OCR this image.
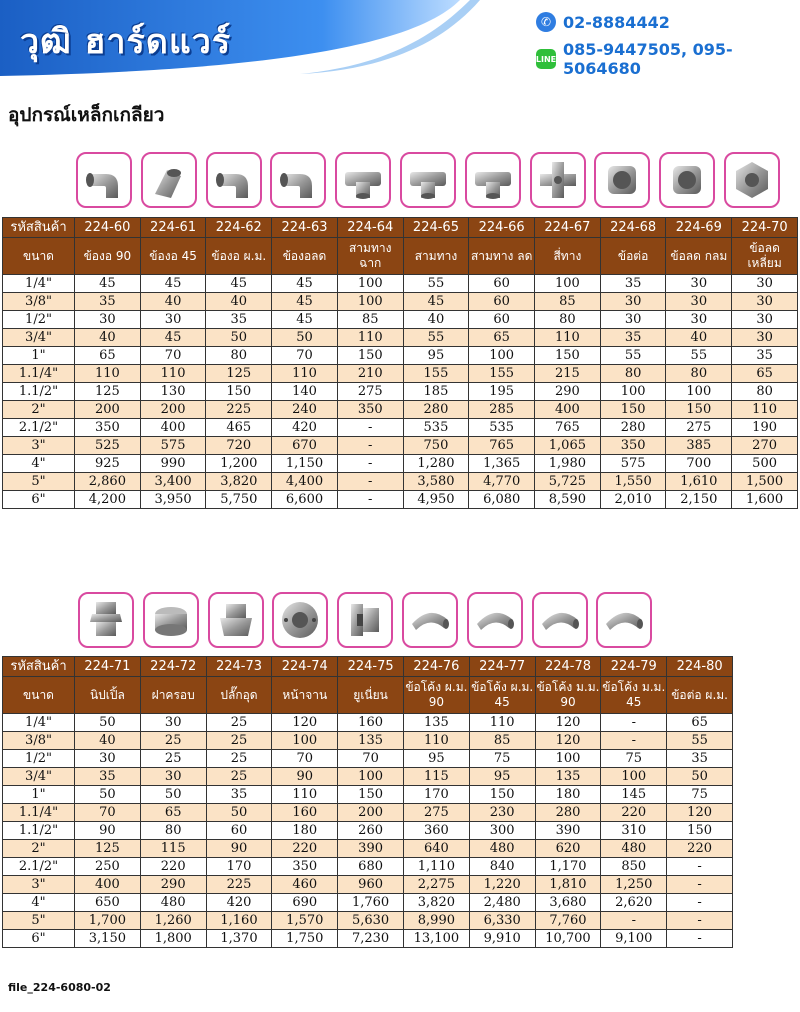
วุฒิ ฮาร์ดแวร์	✆ 02-8884442
LINE 085-9447505, 095-5064680
อุปกรณ์เหล็กเกลียว
รหัสสินค้า	224-60	224-61	224-62	224-63	224-64	224-65	224-66	224-67	224-68	224-69	224-70
ขนาด	ข้องอ 90	ข้องอ 45	ข้องอ ผ.ม.	ข้องอลด	สามทาง ฉาก	สามทาง	สามทาง ลด	สี่ทาง	ข้อต่อ	ข้อลด กลม	ข้อลด เหลี่ยม
1/4"	45	45	45	45	100	55	60	100	35	30	30
3/8"	35	40	40	45	100	45	60	85	30	30	30
1/2"	30	30	35	45	85	40	60	80	30	30	30
3/4"	40	45	50	50	110	55	65	110	35	40	30
1"	65	70	80	70	150	95	100	150	55	55	35
1.1/4"	110	110	125	110	210	155	155	215	80	80	65
1.1/2"	125	130	150	140	275	185	195	290	100	100	80
2"	200	200	225	240	350	280	285	400	150	150	110
2.1/2"	350	400	465	420	-	535	535	765	280	275	190
3"	525	575	720	670	-	750	765	1,065	350	385	270
4"	925	990	1,200	1,150	-	1,280	1,365	1,980	575	700	500
5"	2,860	3,400	3,820	4,400	-	3,580	4,770	5,725	1,550	1,610	1,500
6"	4,200	3,950	5,750	6,600	-	4,950	6,080	8,590	2,010	2,150	1,600
รหัสสินค้า	224-71	224-72	224-73	224-74	224-75	224-76	224-77	224-78	224-79	224-80
ขนาด	นิปเปิ้ล	ฝาครอบ	ปลั๊กอุด	หน้าจาน	ยูเนี่ยน	ข้อโค้ง ผ.ม. 90	ข้อโค้ง ผ.ม. 45	ข้อโค้ง ม.ม. 90	ข้อโค้ง ม.ม. 45	ข้อต่อ ผ.ม.
1/4"	50	30	25	120	160	135	110	120	-	65
3/8"	40	25	25	100	135	110	85	120	-	55
1/2"	30	25	25	70	70	95	75	100	75	35
3/4"	35	30	25	90	100	115	95	135	100	50
1"	50	50	35	110	150	170	150	180	145	75
1.1/4"	70	65	50	160	200	275	230	280	220	120
1.1/2"	90	80	60	180	260	360	300	390	310	150
2"	125	115	90	220	390	640	480	620	480	220
2.1/2"	250	220	170	350	680	1,110	840	1,170	850	-
3"	400	290	225	460	960	2,275	1,220	1,810	1,250	-
4"	650	480	420	690	1,760	3,820	2,480	3,680	2,620	-
5"	1,700	1,260	1,160	1,570	5,630	8,990	6,330	7,760	-	-
6"	3,150	1,800	1,370	1,750	7,230	13,100	9,910	10,700	9,100	-
file_224-6080-02
